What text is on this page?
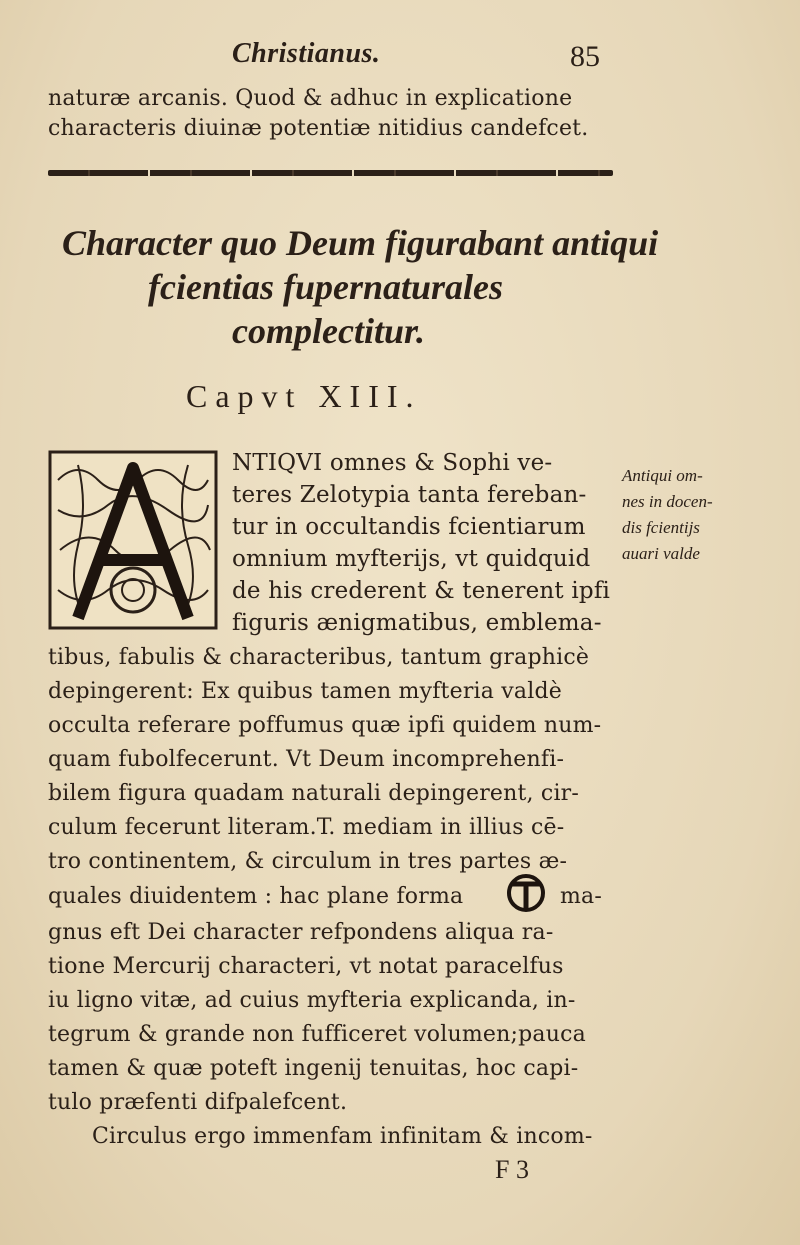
Christianus.	85
naturæ arcanis. Quod & adhuc in explicatione
characteris diuinæ potentiæ nitidius candefcet.
Character quo Deum figurabant antiqui
fcientias fupernaturales
complectitur.
Capvt XIII.
NTIQVI omnes & Sophi ve-
teres Zelotypia tanta fereban-
tur in occultandis fcientiarum
omnium myfterijs, vt quidquid
de his crederent & tenerent ipfi
figuris ænigmatibus, emblema-
Antiqui om-
nes in docen-
dis fcientijs
auari valde
tibus, fabulis & characteribus, tantum graphicè
depingerent: Ex quibus tamen myfteria valdè
occulta referare poffumus quæ ipfi quidem num-
quam fubolfecerunt. Vt Deum incomprehenfi-
bilem figura quadam naturali depingerent, cir-
culum fecerunt literam.T. mediam in illius cē-
tro continentem, & circulum in tres partes æ-
quales diuidentem : hac plane forma	ma-
gnus eft Dei character refpondens aliqua ra-
tione Mercurij characteri, vt notat paracelfus
iu ligno vitæ, ad cuius myfteria explicanda, in-
tegrum & grande non fufficeret volumen;pauca
tamen & quæ poteft ingenij tenuitas, hoc capi-
tulo præfenti difpalefcent.
Circulus ergo immenfam infinitam & incom-
F 3
